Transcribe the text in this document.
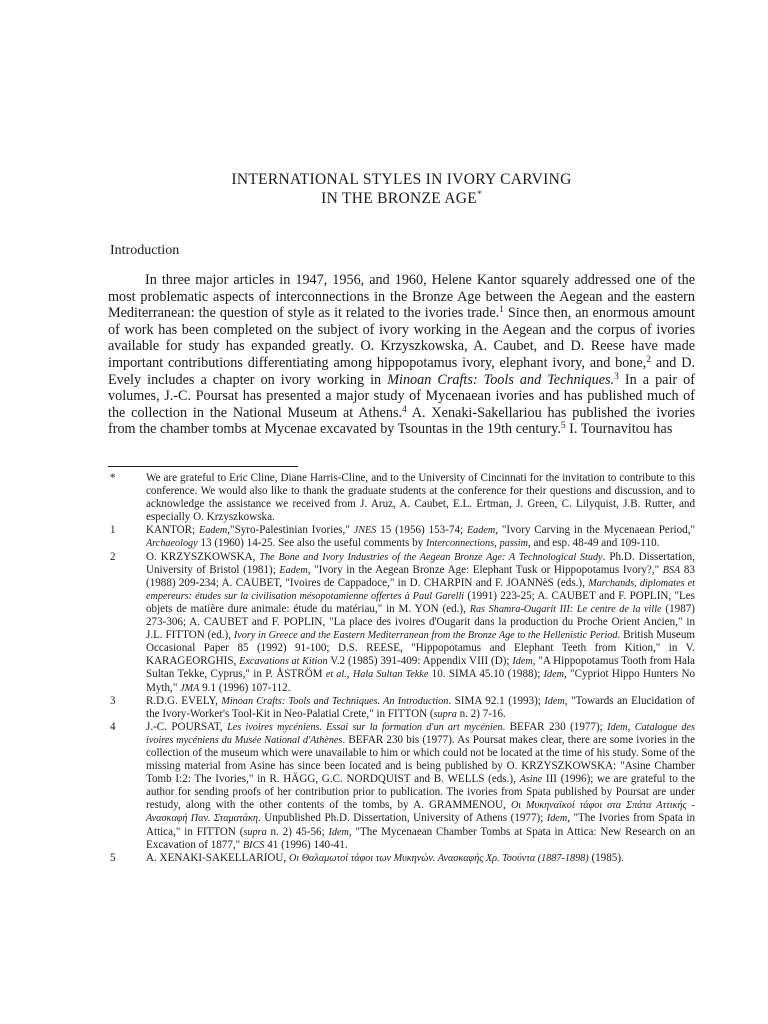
INTERNATIONAL STYLES IN IVORY CARVING
IN THE BRONZE AGE*
Introduction

In three major articles in 1947, 1956, and 1960, Helene Kantor squarely addressed one of the most problematic aspects of interconnections in the Bronze Age between the Aegean and the eastern Mediterranean: the question of style as it related to the ivories trade.$^1$ Since then, an enormous amount of work has been completed on the subject of ivory working in the Aegean and the corpus of ivories available for study has expanded greatly. O. Krzyszkowska, A. Caubet, and D. Reese have made important contributions differentiating among hippopotamus ivory, elephant ivory, and bone,$^2$ and D. Evely includes a chapter on ivory working in Minoan Crafts: Tools and Techniques.$^3$ In a pair of volumes, J.-C. Poursat has presented a major study of Mycenaean ivories and has published much of the collection in the National Museum at Athens.$^4$ A. Xenaki-Sakellariou has published the ivories from the chamber tombs at Mycenae excavated by Tsountas in the 19th century.$^5$ I. Tournavitou has

*	We are grateful to Eric Cline, Diane Harris-Cline, and to the University of Cincinnati for the invitation to contribute to this conference. We would also like to thank the graduate students at the conference for their questions and discussion, and to acknowledge the assistance we received from J. Aruz, A. Caubet, E.L. Ertman, J. Green, C. Lilyquist, J.B. Rutter, and especially O. Krzyszkowska.
1	KANTOR; Eadem,"Syro-Palestinian Ivories," JNES 15 (1956) 153-74; Eadem, "Ivory Carving in the Mycenaean Period," Archaeology 13 (1960) 14-25. See also the useful comments by Interconnections, passim, and esp. 48-49 and 109-110.
2	O. KRZYSZKOWSKA, The Bone and Ivory Industries of the Aegean Bronze Age: A Technological Study. Ph.D. Dissertation, University of Bristol (1981); Eadem, "Ivory in the Aegean Bronze Age: Elephant Tusk or Hippopotamus Ivory?," BSA 83 (1988) 209-234; A. CAUBET, "Ivoires de Cappadoce," in D. CHARPIN and F. JOANNèS (eds.), Marchands, diplomates et empereurs: études sur la civilisation mésopotamienne offertes à Paul Garelli (1991) 223-25; A. CAUBET and F. POPLIN, "Les objets de matière dure animale: étude du matériau," in M. YON (ed.), Ras Shamra-Ougarit III: Le centre de la ville (1987) 273-306; A. CAUBET and F. POPLIN, "La place des ivoires d'Ougarit dans la production du Proche Orient Ancien," in J.L. FITTON (ed.), Ivory in Greece and the Eastern Mediterranean from the Bronze Age to the Hellenistic Period. British Museum Occasional Paper 85 (1992) 91-100; D.S. REESE, "Hippopotamus and Elephant Teeth from Kition," in V. KARAGEORGHIS, Excavations at Kition V.2 (1985) 391-409: Appendix VIII (D); Idem, "A Hippopotamus Tooth from Hala Sultan Tekke, Cyprus," in P. ÅSTRÖM et al., Hala Sultan Tekke 10. SIMA 45.10 (1988); Idem, "Cypriot Hippo Hunters No Myth," JMA 9.1 (1996) 107-112.
3	R.D.G. EVELY, Minoan Crafts: Tools and Techniques. An Introduction. SIMA 92.1 (1993); Idem, "Towards an Elucidation of the Ivory-Worker's Tool-Kit in Neo-Palatial Crete," in FITTON (supra n. 2) 7-16.
4	J.-C. POURSAT, Les ivoires mycéniens. Essai sur la formation d'un art mycénien. BEFAR 230 (1977); Idem, Catalogue des ivoires mycéniens du Musée National d'Athènes. BEFAR 230 bis (1977). As Poursat makes clear, there are some ivories in the collection of the museum which were unavailable to him or which could not be located at the time of his study. Some of the missing material from Asine has since been located and is being published by O. KRZYSZKOWSKA: "Asine Chamber Tomb I:2: The Ivories," in R. HÄGG, G.C. NORDQUIST and B. WELLS (eds.), Asine III (1996); we are grateful to the author for sending proofs of her contribution prior to publication. The ivories from Spata published by Poursat are under restudy, along with the other contents of the tombs, by A. GRAMMENOU, Οι Μυκηναϊκοί τάφοι στα Σπάτα Αττικής - Ανασκαφή Παν. Σταματάκη. Unpublished Ph.D. Dissertation, University of Athens (1977); Idem, "The Ivories from Spata in Attica," in FITTON (supra n. 2) 45-56; Idem, "The Mycenaean Chamber Tombs at Spata in Attica: New Research on an Excavation of 1877," BICS 41 (1996) 140-41.
5	A. XENAKI-SAKELLARIOU, Οι Θαλαμωτοί τάφοι των Μυκηνών. Ανασκαφής Χρ. Τσούντα (1887-1898) (1985).
